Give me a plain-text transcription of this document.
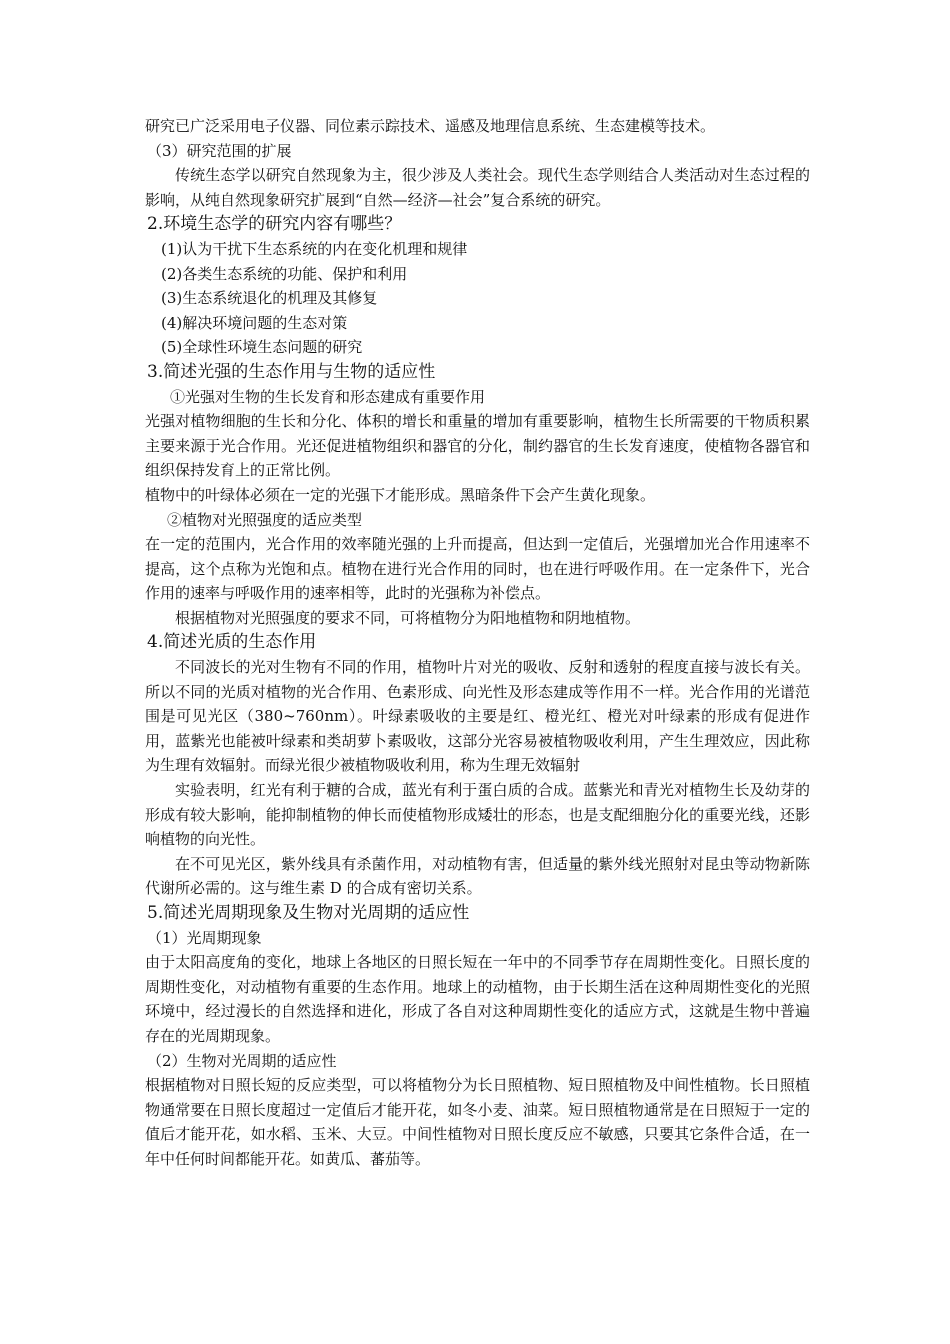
研究已广泛采用电子仪器、同位素示踪技术、遥感及地理信息系统、生态建模等技术。

（3）研究范围的扩展

传统生态学以研究自然现象为主，很少涉及人类社会。现代生态学则结合人类活动对生态过程的影响，从纯自然现象研究扩展到“自然—经济—社会”复合系统的研究。

2.环境生态学的研究内容有哪些？

(1)认为干扰下生态系统的内在变化机理和规律

(2)各类生态系统的功能、保护和利用

(3)生态系统退化的机理及其修复

(4)解决环境问题的生态对策

(5)全球性环境生态问题的研究

3.简述光强的生态作用与生物的适应性

①光强对生物的生长发育和形态建成有重要作用

光强对植物细胞的生长和分化、体积的增长和重量的增加有重要影响，植物生长所需要的干物质积累主要来源于光合作用。光还促进植物组织和器官的分化，制约器官的生长发育速度，使植物各器官和组织保持发育上的正常比例。

植物中的叶绿体必须在一定的光强下才能形成。黑暗条件下会产生黄化现象。

②植物对光照强度的适应类型

在一定的范围内，光合作用的效率随光强的上升而提高，但达到一定值后，光强增加光合作用速率不提高，这个点称为光饱和点。植物在进行光合作用的同时，也在进行呼吸作用。在一定条件下，光合作用的速率与呼吸作用的速率相等，此时的光强称为补偿点。

根据植物对光照强度的要求不同，可将植物分为阳地植物和阴地植物。

4.简述光质的生态作用

不同波长的光对生物有不同的作用，植物叶片对光的吸收、反射和透射的程度直接与波长有关。所以不同的光质对植物的光合作用、色素形成、向光性及形态建成等作用不一样。光合作用的光谱范围是可见光区（380~760nm）。叶绿素吸收的主要是红、橙光红、橙光对叶绿素的形成有促进作用，蓝紫光也能被叶绿素和类胡萝卜素吸收，这部分光容易被植物吸收利用，产生生理效应，因此称为生理有效辐射。而绿光很少被植物吸收利用，称为生理无效辐射

实验表明，红光有利于糖的合成，蓝光有利于蛋白质的合成。蓝紫光和青光对植物生长及幼芽的形成有较大影响，能抑制植物的伸长而使植物形成矮壮的形态，也是支配细胞分化的重要光线，还影响植物的向光性。

在不可见光区，紫外线具有杀菌作用，对动植物有害，但适量的紫外线光照射对昆虫等动物新陈代谢所必需的。这与维生素 D 的合成有密切关系。

5.简述光周期现象及生物对光周期的适应性

（1）光周期现象

由于太阳高度角的变化，地球上各地区的日照长短在一年中的不同季节存在周期性变化。日照长度的周期性变化，对动植物有重要的生态作用。地球上的动植物，由于长期生活在这种周期性变化的光照环境中，经过漫长的自然选择和进化，形成了各自对这种周期性变化的适应方式，这就是生物中普遍存在的光周期现象。

（2）生物对光周期的适应性

根据植物对日照长短的反应类型，可以将植物分为长日照植物、短日照植物及中间性植物。长日照植物通常要在日照长度超过一定值后才能开花，如冬小麦、油菜。短日照植物通常是在日照短于一定的值后才能开花，如水稻、玉米、大豆。中间性植物对日照长度反应不敏感，只要其它条件合适，在一年中任何时间都能开花。如黄瓜、蕃茄等。
